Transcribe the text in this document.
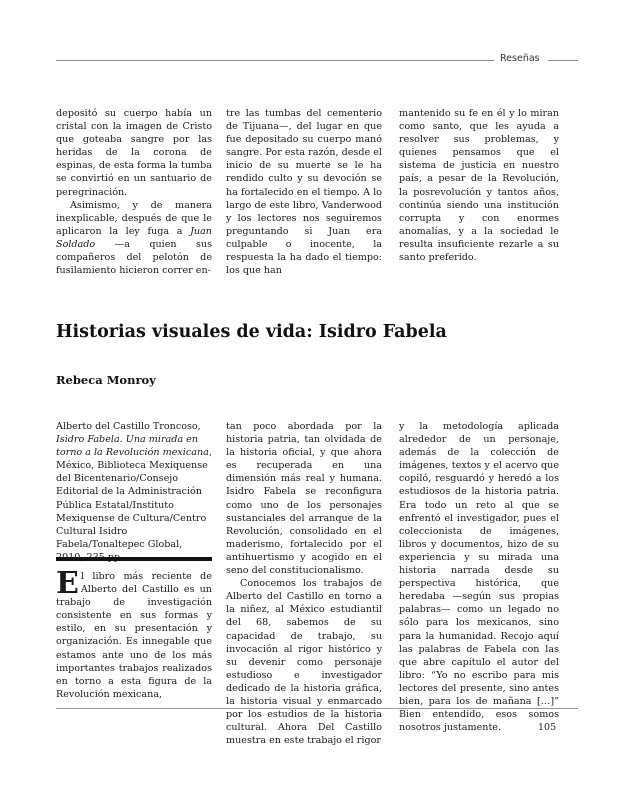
Reseñas

depositó su cuerpo había un cristal con la imagen de Cristo que goteaba sangre por las heridas de la corona de espinas, de esta forma la tumba se convirtió en un santuario de peregrinación.

Asimismo, y de manera inexplicable, después de que le aplicaron la ley fuga a Juan Soldado —a quien sus compañeros del pelotón de fusilamiento hicieron correr en-

tre las tumbas del cementerio de Tijuana—, del lugar en que fue depositado su cuerpo manó sangre. Por esta razón, desde el inicio de su muerte se le ha rendido culto y su devoción se ha fortalecido en el tiempo. A lo largo de este libro, Vanderwood y los lectores nos seguiremos preguntando si Juan era culpable o inocente, la respuesta la ha dado el tiempo: los que han

mantenido su fe en él y lo miran como santo, que les ayuda a resolver sus problemas, y quienes pensamos que el sistema de justicia en nuestro país, a pesar de la Revolución, la posrevolución y tantos años, continúa siendo una institución corrupta y con enormes anomalías, y a la sociedad le resulta insuficiente rezarle a su santo preferido.

Historias visuales de vida: Isidro Fabela
Rebeca Monroy

Alberto del Castillo Troncoso, Isidro Fabela. Una mirada en torno a la Revolución mexicana, México, Biblioteca Mexiquense del Bicentenario/Consejo Editorial de la Administración Pública Estatal/Instituto Mexiquense de Cultura/Centro Cultural Isidro Fabela/Tonaltepec Global,

El libro más reciente de Alberto del Castillo es un trabajo de investigación consistente en sus formas y estilo, en su presentación y organización. Es innegable que estamos ante uno de los más importantes trabajos realizados en torno a esta figura de la Revolución mexicana,

tan poco abordada por la historia patria, tan olvidada de la historia oficial, y que ahora es recuperada en una dimensión más real y humana. Isidro Fabela se reconfigura como uno de los personajes sustanciales del arranque de la Revolución, consolidado en el maderismo, fortalecido por el antihuertismo y acogido en el seno del constitucionalismo.

Conocemos los trabajos de Alberto del Castillo en torno a la niñez, al México estudiantil del 68, sabemos de su capacidad de trabajo, su invocación al rigor histórico y su devenir como personaje estudioso e investigador dedicado de la historia gráfica, la historia visual y enmarcado por los estudios de la historia cultural. Ahora Del Castillo muestra en este trabajo el rigor

y la metodología aplicada alrededor de un personaje, además de la colección de imágenes, textos y el acervo que copiló, resguardó y heredó a los estudiosos de la historia patria. Era todo un reto al que se enfrentó el investigador, pues el coleccionista de imágenes, libros y documentos, hizo de su experiencia y su mirada una historia narrada desde su perspectiva histórica, que heredaba —según sus propias palabras— como un legado no sólo para los mexicanos, sino para la humanidad. Recojo aquí las palabras de Fabela con las que abre capítulo el autor del libro: “Yo no escribo para mis lectores del presente, sino antes bien, para los de mañana […]” Bien entendido, esos somos nosotros justamente.	105
